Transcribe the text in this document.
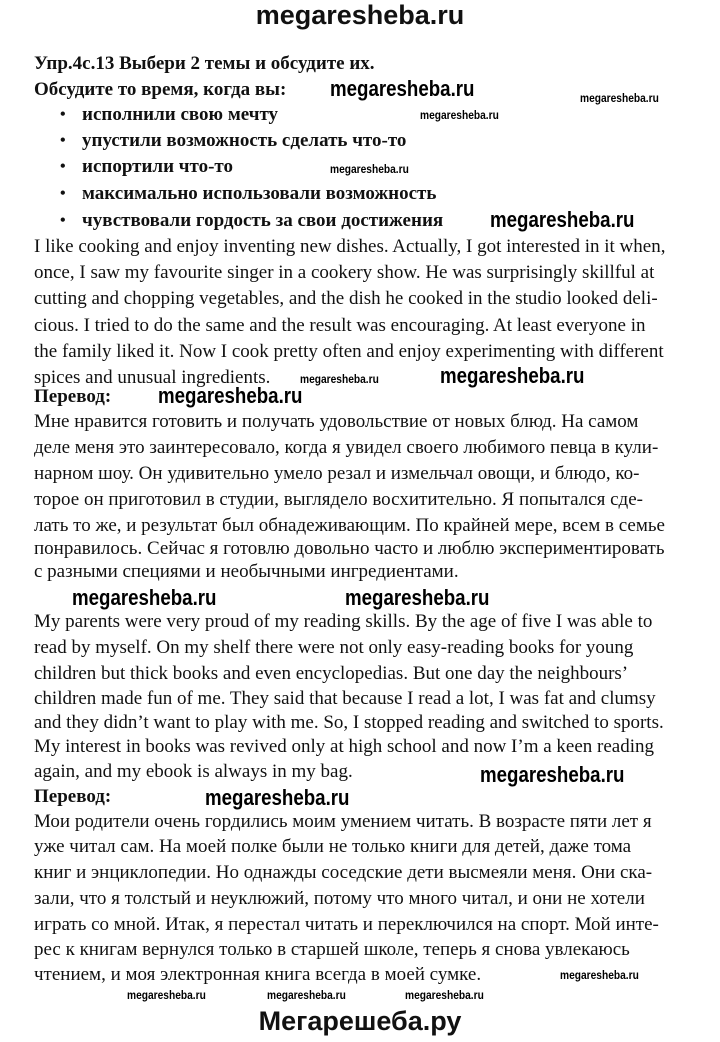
megaresheba.ru
Упр.4с.13 Выбери 2 темы и обсудите их.
Обсудите то время, когда вы:
• исполнили свою мечту
• упустили возможность сделать что-то
• испортили что-то
• максимально использовали возможность
• чувствовали гордость за свои достижения
I like cooking and enjoy inventing new dishes. Actually, I got interested in it when,
once, I saw my favourite singer in a cookery show. He was surprisingly skillful at
cutting and chopping vegetables, and the dish he cooked in the studio looked deli-
cious. I tried to do the same and the result was encouraging. At least everyone in
the family liked it. Now I cook pretty often and enjoy experimenting with different
spices and unusual ingredients.
Перевод:
Мне нравится готовить и получать удовольствие от новых блюд. На самом
деле меня это заинтересовало, когда я увидел своего любимого певца в кули-
нарном шоу. Он удивительно умело резал и измельчал овощи, и блюдо, ко-
торое он приготовил в студии, выглядело восхитительно. Я попытался сде-
лать то же, и результат был обнадеживающим. По крайней мере, всем в семье
понравилось. Сейчас я готовлю довольно часто и люблю экспериментировать
с разными специями и необычными ингредиентами.
My parents were very proud of my reading skills. By the age of five I was able to
read by myself. On my shelf there were not only easy-reading books for young
children but thick books and even encyclopedias. But one day the neighbours’
children made fun of me. They said that because I read a lot, I was fat and clumsy
and they didn’t want to play with me. So, I stopped reading and switched to sports.
My interest in books was revived only at high school and now I’m a keen reading
again, and my ebook is always in my bag.
Перевод:
Мои родители очень гордились моим умением читать. В возрасте пяти лет я
уже читал сам. На моей полке были не только книги для детей, даже тома
книг и энциклопедии. Но однажды соседские дети высмеяли меня. Они ска-
зали, что я толстый и неуклюжий, потому что много читал, и они не хотели
играть со мной. Итак, я перестал читать и переключился на спорт. Мой инте-
рес к книгам вернулся только в старшей школе, теперь я снова увлекаюсь
чтением, и моя электронная книга всегда в моей сумке.
megaresheba.ru
megaresheba.ru
megaresheba.ru
megaresheba.ru
megaresheba.ru
megaresheba.ru	megaresheba.ru
megaresheba.ru
megaresheba.ru	megaresheba.ru
megaresheba.ru
megaresheba.ru
megaresheba.ru	megaresheba.ru	megaresheba.ru
megaresheba.ru
Мегарешеба.ру
